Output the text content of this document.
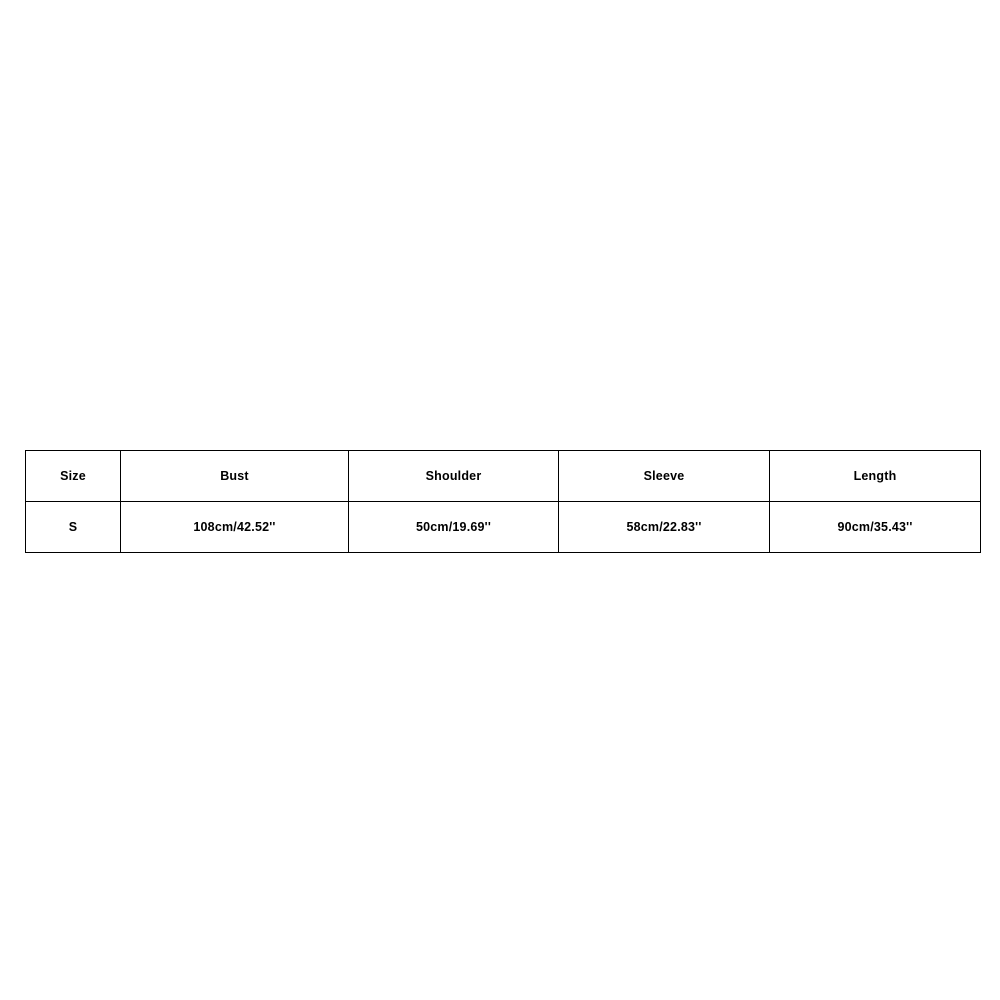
Size	Bust	Shoulder	Sleeve	Length
S	108cm/42.52''	50cm/19.69''	58cm/22.83''	90cm/35.43''
